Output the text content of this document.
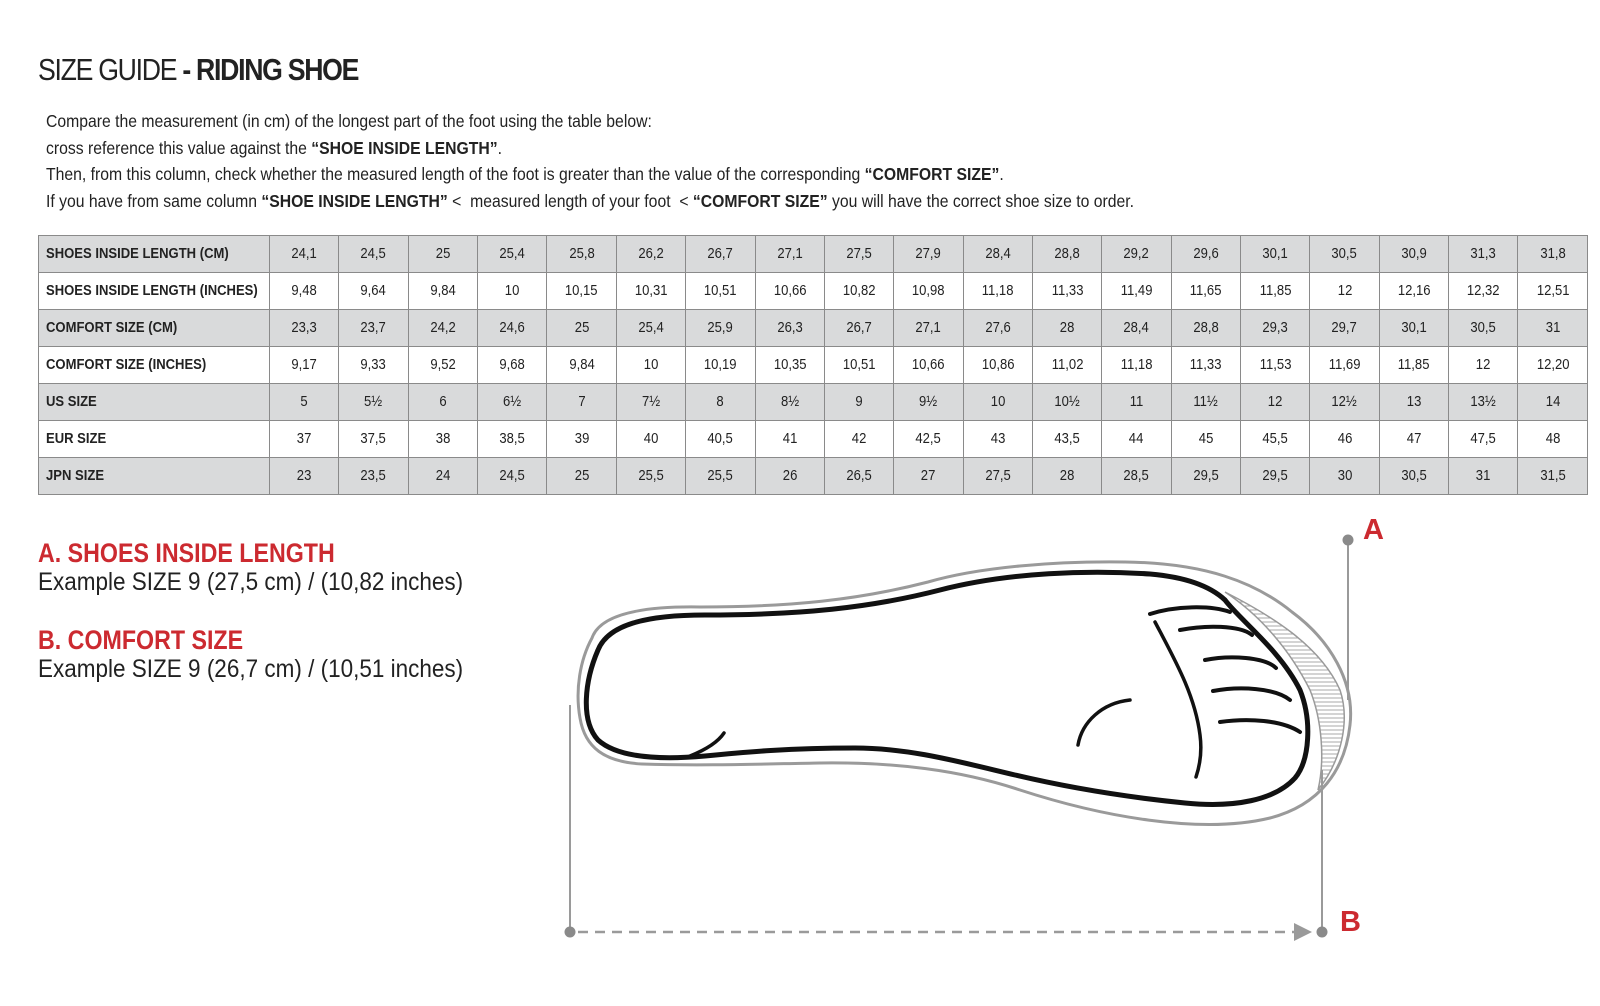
SIZE GUIDE - RIDING SHOE
Compare the measurement (in cm) of the longest part of the foot using the table below:
cross reference this value against the “SHOE INSIDE LENGTH”.
Then, from this column, check whether the measured length of the foot is greater than the value of the corresponding “COMFORT SIZE”.
If you have from same column “SHOE INSIDE LENGTH” <  measured length of your foot  < “COMFORT SIZE” you will have the correct shoe size to order.
SHOES INSIDE LENGTH (CM)	24,1	24,5	25	25,4	25,8	26,2	26,7	27,1	27,5	27,9	28,4	28,8	29,2	29,6	30,1	30,5	30,9	31,3	31,8
SHOES INSIDE LENGTH (INCHES)	9,48	9,64	9,84	10	10,15	10,31	10,51	10,66	10,82	10,98	11,18	11,33	11,49	11,65	11,85	12	12,16	12,32	12,51
COMFORT SIZE (CM)	23,3	23,7	24,2	24,6	25	25,4	25,9	26,3	26,7	27,1	27,6	28	28,4	28,8	29,3	29,7	30,1	30,5	31
COMFORT SIZE (INCHES)	9,17	9,33	9,52	9,68	9,84	10	10,19	10,35	10,51	10,66	10,86	11,02	11,18	11,33	11,53	11,69	11,85	12	12,20
US SIZE	5	5½	6	6½	7	7½	8	8½	9	9½	10	10½	11	11½	12	12½	13	13½	14
EUR SIZE	37	37,5	38	38,5	39	40	40,5	41	42	42,5	43	43,5	44	45	45,5	46	47	47,5	48
JPN SIZE	23	23,5	24	24,5	25	25,5	25,5	26	26,5	27	27,5	28	28,5	29,5	29,5	30	30,5	31	31,5
A. SHOES INSIDE LENGTH
Example SIZE 9 (27,5 cm) / (10,82 inches)
B. COMFORT SIZE
Example SIZE 9 (26,7 cm) / (10,51 inches)
A
B
